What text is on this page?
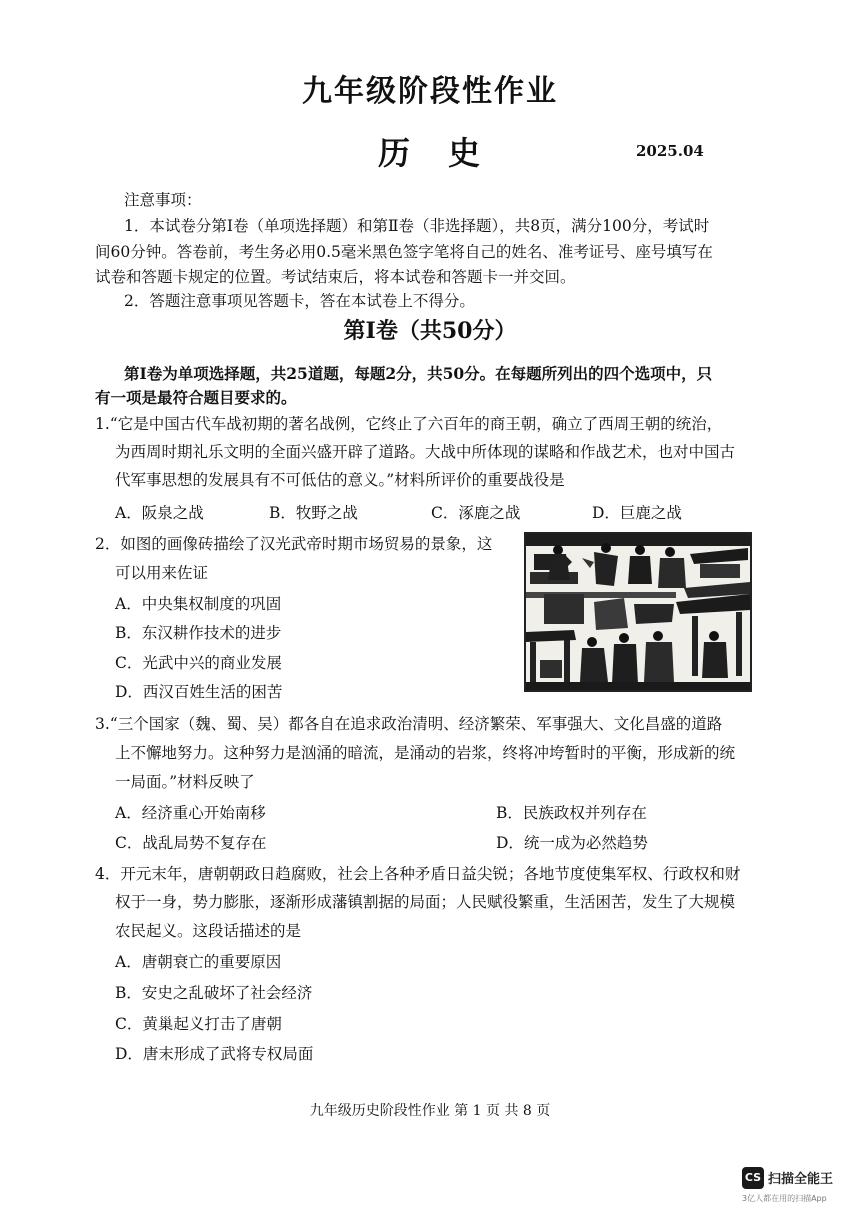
九年级阶段性作业
历史	2025.04
注意事项：
1．本试卷分第Ⅰ卷（单项选择题）和第Ⅱ卷（非选择题），共8页，满分100分，考试时
间60分钟。答卷前，考生务必用0.5毫米黑色签字笔将自己的姓名、准考证号、座号填写在
试卷和答题卡规定的位置。考试结束后，将本试卷和答题卡一并交回。
2．答题注意事项见答题卡，答在本试卷上不得分。
第Ⅰ卷（共50分）
第Ⅰ卷为单项选择题，共25道题，每题2分，共50分。在每题所列出的四个选项中，只
有一项是最符合题目要求的。
1.“它是中国古代车战初期的著名战例，它终止了六百年的商王朝，确立了西周王朝的统治，
为西周时期礼乐文明的全面兴盛开辟了道路。大战中所体现的谋略和作战艺术，也对中国古
代军事思想的发展具有不可低估的意义。”材料所评价的重要战役是
A．阪泉之战	B．牧野之战	C．涿鹿之战	D．巨鹿之战
2．如图的画像砖描绘了汉光武帝时期市场贸易的景象，这
可以用来佐证
A．中央集权制度的巩固
B．东汉耕作技术的进步
C．光武中兴的商业发展
D．西汉百姓生活的困苦
3.“三个国家（魏、蜀、吴）都各自在追求政治清明、经济繁荣、军事强大、文化昌盛的道路
上不懈地努力。这种努力是汹涌的暗流，是涌动的岩浆，终将冲垮暂时的平衡，形成新的统
一局面。”材料反映了
A．经济重心开始南移	B．民族政权并列存在
C．战乱局势不复存在	D．统一成为必然趋势
4．开元末年，唐朝朝政日趋腐败，社会上各种矛盾日益尖锐；各地节度使集军权、行政权和财
权于一身，势力膨胀，逐渐形成藩镇割据的局面；人民赋役繁重，生活困苦，发生了大规模
农民起义。这段话描述的是
A．唐朝衰亡的重要原因
B．安史之乱破坏了社会经济
C．黄巢起义打击了唐朝
D．唐末形成了武将专权局面
九年级历史阶段性作业 第 1 页 共 8 页
CS 扫描全能王
3亿人都在用的扫描App
